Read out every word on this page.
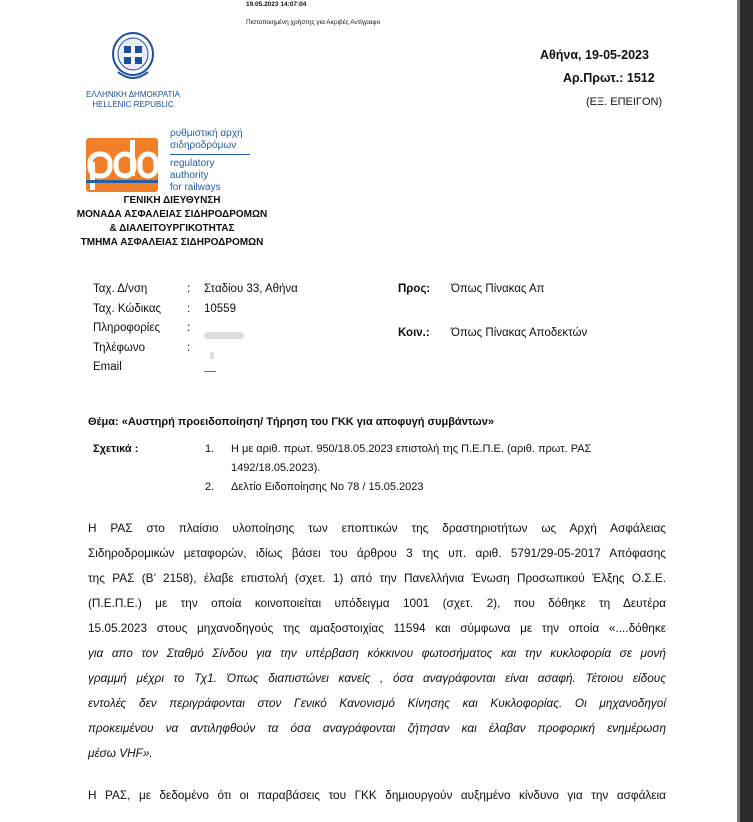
19.05.2023 14:07:04
Πιστοποιημένη χρήστης για Ακριβές Αντίγραφο
ΕΛΛΗΝΙΚΗ ΔΗΜΟΚΡΑΤΙΑ
HELLENIC REPUBLIC
ρυθμιστική αρχή
σιδηροδρόμων
regulatory
authority
for railways
ΓΕΝΙΚΗ ΔΙΕΥΘΥΝΣΗ
ΜΟΝΑΔΑ ΑΣΦΑΛΕΙΑΣ ΣΙΔΗΡΟΔΡΟΜΩΝ
& ΔΙΑΛΕΙΤΟΥΡΓΙΚΟΤΗΤΑΣ
ΤΜΗΜΑ ΑΣΦΑΛΕΙΑΣ ΣΙΔΗΡΟΔΡΟΜΩΝ
Αθήνα, 19-05-2023
Αρ.Πρωτ.: 1512
(ΕΞ. ΕΠΕΙΓΟΝ)
Ταχ. Δ/νση	: Σταδίου 33, Αθήνα
Ταχ. Κώδικας : 10559
Πληροφορίες :
Τηλέφωνο	:
Email
Προς: Όπως Πίνακας Απ
Κοιν.: Όπως Πίνακας Αποδεκτών
Θέμα: «Αυστηρή προειδοποίηση/ Τήρηση του ΓΚΚ για αποφυγή συμβάντων»
Σχετικά :	1. Η με αριθ. πρωτ. 950/18.05.2023 επιστολή της Π.Ε.Π.Ε. (αριθ. πρωτ. ΡΑΣ
1492/18.05.2023).
2. Δελτίο Ειδοποίησης Νο 78 / 15.05.2023
Η ΡΑΣ στο πλαίσιο υλοποίησης των εποπτικών της δραστηριοτήτων ως Αρχή Ασφάλειας
Σιδηροδρομικών μεταφορών, ιδίως βάσει του άρθρου 3 της υπ. αριθ. 5791/29-05-2017 Απόφασης
της ΡΑΣ (Β’ 2158), έλαβε επιστολή (σχετ. 1) από την Πανελλήνια Ένωση Προσωπικού Έλξης Ο.Σ.Ε.
(Π.Ε.Π.Ε.) με την οποία κοινοποιείται υπόδειγμα 1001 (σχετ. 2), που δόθηκε τη Δευτέρα
15.05.2023 στους μηχανοδηγούς της αμαξοστοιχίας 11594 και σύμφωνα με την οποία «....δόθηκε
για απο τον Σταθμό Σίνδου για την υπέρβαση κόκκινου φωτοσήματος και την κυκλοφορία σε μονή
γραμμή μέχρι το Τχ1. Όπως διαπιστώνει κανείς , όσα αναγράφονται είναι ασαφή. Τέτοιου είδους
εντολές δεν περιγράφονται στον Γενικό Κανονισμό Κίνησης και Κυκλοφορίας. Οι μηχανοδηγοί
προκειμένου να αντιληφθούν τα όσα αναγράφονται ζήτησαν και έλαβαν προφορική ενημέρωση
μέσω VHF».
Η ΡΑΣ, με δεδομένο ότι οι παραβάσεις του ΓΚΚ δημιουργούν αυξημένο κίνδυνο για την ασφάλεια
